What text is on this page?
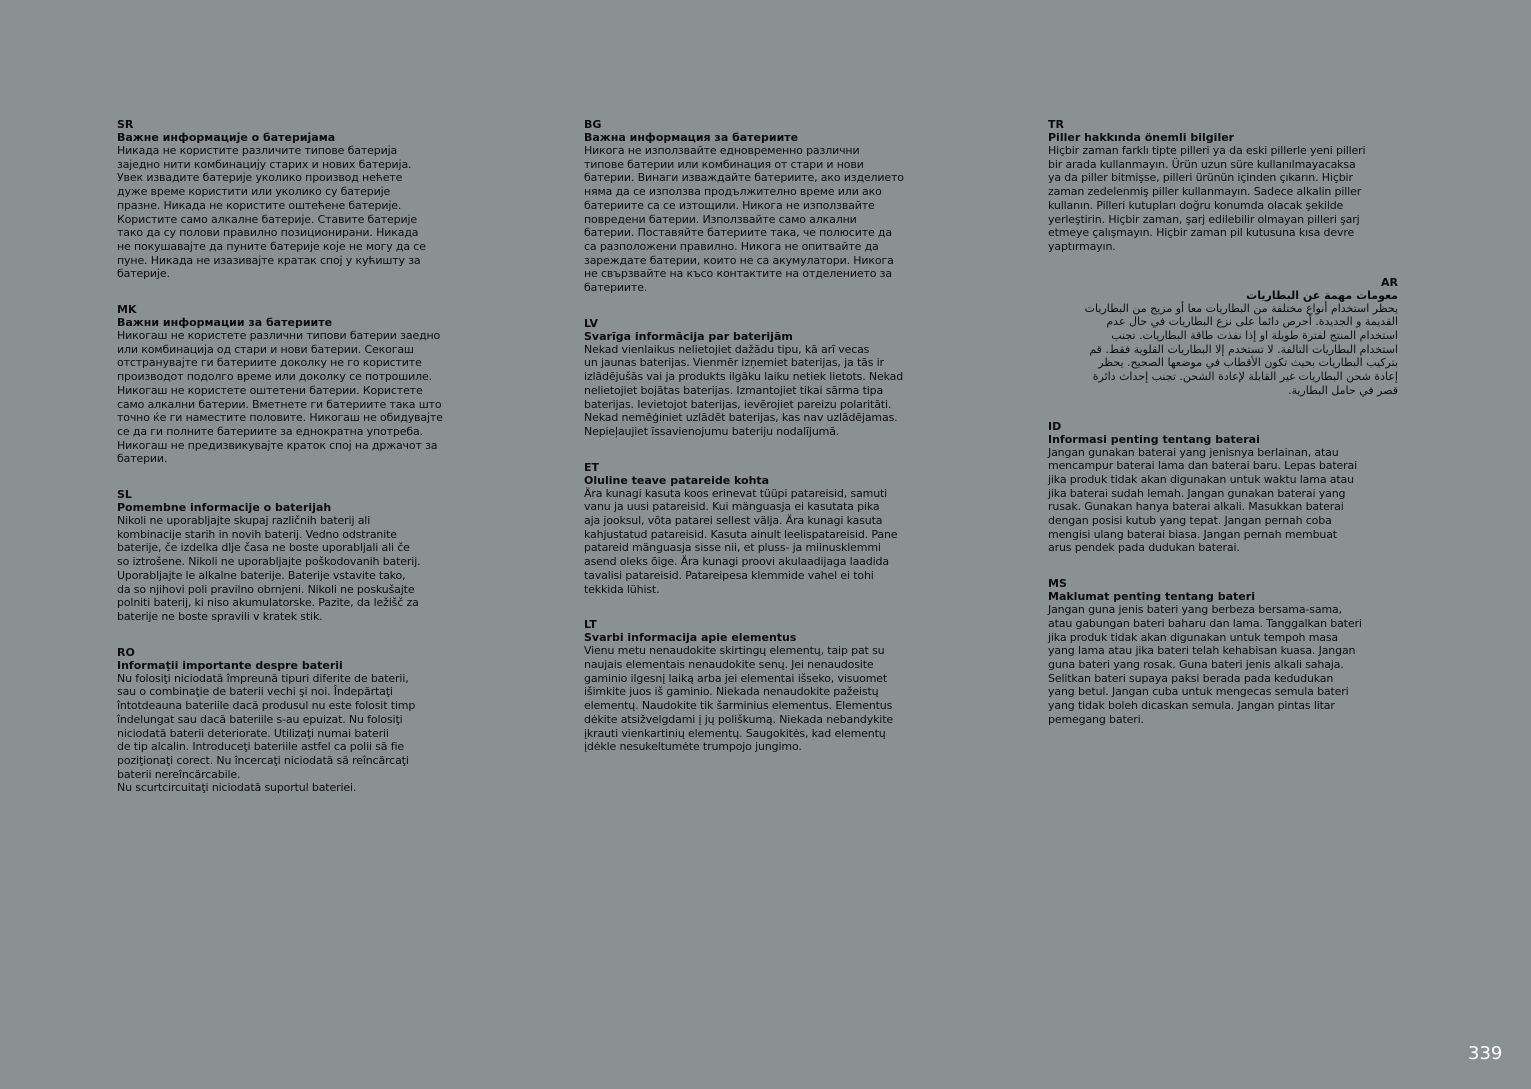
SR

Важне информације о батеријама

Никада не користите различите типове батерија
заједно нити комбинацију старих и нових батерија.
Увек извадите батерије уколико производ нећете
дуже време користити или уколико су батерије
празне. Никада не користите оштећене батерије.
Користите само алкалне батерије. Ставите батерије
тако да су полови правилно позиционирани. Никада
не покушавајте да пуните батерије које не могу да се
пуне. Никада не изазивајте кратак спој у кућишту за
батерије.

MK

Важни информации за батериите

Никогаш не користете различни типови батерии заедно
или комбинација од стари и нови батерии. Секогаш
отстранувајте ги батериите доколку не го користите
производот подолго време или доколку се потрошиле.
Никогаш не користете оштетени батерии. Користете
само алкални батерии. Вметнете ги батериите така што
точно ќе ги наместите половите. Никогаш не обидувајте
се да ги полните батериите за еднократна употреба.
Никогаш не предизвикувајте краток спој на држачот за
батерии.

SL

Pomembne informacije o baterijah

Nikoli ne uporabljajte skupaj različnih baterij ali
kombinacije starih in novih baterij. Vedno odstranite
baterije, če izdelka dlje časa ne boste uporabljali ali če
so iztrošene. Nikoli ne uporabljajte poškodovanih baterij.
Uporabljajte le alkalne baterije. Baterije vstavite tako,
da so njihovi poli pravilno obrnjeni. Nikoli ne poskušajte
polniti baterij, ki niso akumulatorske. Pazite, da ležišč za
baterije ne boste spravili v kratek stik.

RO

Informaţii importante despre baterii

Nu folosiţi niciodată împreună tipuri diferite de baterii,
sau o combinaţie de baterii vechi şi noi. Îndepărtaţi
întotdeauna bateriile dacă produsul nu este folosit timp
îndelungat sau dacă bateriile s-au epuizat. Nu folosiţi
niciodată baterii deteriorate. Utilizaţi numai baterii
de tip alcalin. Introduceţi bateriile astfel ca polii să fie
poziţionaţi corect. Nu încercaţi niciodată să reîncărcaţi
baterii nereîncărcabile.
Nu scurtcircuitaţi niciodată suportul bateriei.

BG

Важна информация за батериите

Никога не използвайте едновременно различни
типове батерии или комбинация от стари и нови
батерии. Винаги изваждайте батериите, ако изделието
няма да се използва продължително време или ако
батериите са се изтощили. Никога не използвайте
повредени батерии. Използвайте само алкални
батерии. Поставяйте батериите така, че полюсите да
са разположени правилно. Никога не опитвайте да
зареждате батерии, които не са акумулатори. Никога
не свързвайте на късо контактите на отделението за
батериите.

LV

Svarīga informācija par baterijām

Nekad vienlaikus nelietojiet dažādu tipu, kā arī vecas
un jaunas baterijas. Vienmēr izņemiet baterijas, ja tās ir
izlādējušās vai ja produkts ilgāku laiku netiek lietots. Nekad
nelietojiet bojātas baterijas. Izmantojiet tikai sārma tipa
baterijas. Ievietojot baterijas, ievērojiet pareizu polaritāti.
Nekad nemēģiniet uzlādēt baterijas, kas nav uzlādējamas.
Nepieļaujiet īssavienojumu bateriju nodalījumā.

ET

Oluline teave patareide kohta

Ära kunagi kasuta koos erinevat tüüpi patareisid, samuti
vanu ja uusi patareisid. Kui mänguasja ei kasutata pika
aja jooksul, võta patarei sellest välja. Ära kunagi kasuta
kahjustatud patareisid. Kasuta ainult leelispatareisid. Pane
patareid mänguasja sisse nii, et pluss- ja miinusklemmi
asend oleks õige. Ära kunagi proovi akulaadijaga laadida
tavalisi patareisid. Patareipesa klemmide vahel ei tohi
tekkida lühist.

LT

Svarbi informacija apie elementus

Vienu metu nenaudokite skirtingų elementų, taip pat su
naujais elementais nenaudokite senų. Jei nenaudosite
gaminio ilgesnį laiką arba jei elementai išseko, visuomet
išimkite juos iš gaminio. Niekada nenaudokite pažeistų
elementų. Naudokite tik šarminius elementus. Elementus
dėkite atsižvelgdami į jų poliškumą. Niekada nebandykite
įkrauti vienkartinių elementų. Saugokitės, kad elementų
įdėkle nesukeltumėte trumpojo jungimo.

TR

Piller hakkında önemli bilgiler

Hiçbir zaman farklı tipte pilleri ya da eski pillerle yeni pilleri
bir arada kullanmayın. Ürün uzun süre kullanılmayacaksa
ya da piller bitmişse, pilleri ürünün içinden çıkarın. Hiçbir
zaman zedelenmiş piller kullanmayın. Sadece alkalin piller
kullanın. Pilleri kutupları doğru konumda olacak şekilde
yerleştirin. Hiçbir zaman, şarj edilebilir olmayan pilleri şarj
etmeye çalışmayın. Hiçbir zaman pil kutusuna kısa devre
yaptırmayın.

AR

معومات مهمة عن البطاريات

يحظر استخدام أنواع مختلفة من البطاريات معا أو مزيج من البطاريات
القديمة و الجديدة. أحرص دائما على نزع البطاريات في حال عدم
استخدام المنتج لفترة طويلة او إذا نفذت طاقة البطاريات. تجنب
استخدام البطاريات التالفة. لا تستخدم إلا البطاريات القلوية فقط. قم
بتركيب البطاريات بحيث تكون الأقطاب في موضعها الصحيح. يحظر
إعادة شحن البطاريات غير القابلة لإعادة الشحن. تجنب إحداث دائرة
قصر في حامل البطارية.

ID

Informasi penting tentang baterai

Jangan gunakan baterai yang jenisnya berlainan, atau
mencampur baterai lama dan baterai baru. Lepas baterai
jika produk tidak akan digunakan untuk waktu lama atau
jika baterai sudah lemah. Jangan gunakan baterai yang
rusak. Gunakan hanya baterai alkali. Masukkan baterai
dengan posisi kutub yang tepat. Jangan pernah coba
mengisi ulang baterai biasa. Jangan pernah membuat
arus pendek pada dudukan baterai.

MS

Maklumat penting tentang bateri

Jangan guna jenis bateri yang berbeza bersama-sama,
atau gabungan bateri baharu dan lama. Tanggalkan bateri
jika produk tidak akan digunakan untuk tempoh masa
yang lama atau jika bateri telah kehabisan kuasa. Jangan
guna bateri yang rosak. Guna bateri jenis alkali sahaja.
Selitkan bateri supaya paksi berada pada kedudukan
yang betul. Jangan cuba untuk mengecas semula bateri
yang tidak boleh dicaskan semula. Jangan pintas litar
pemegang bateri.

339
